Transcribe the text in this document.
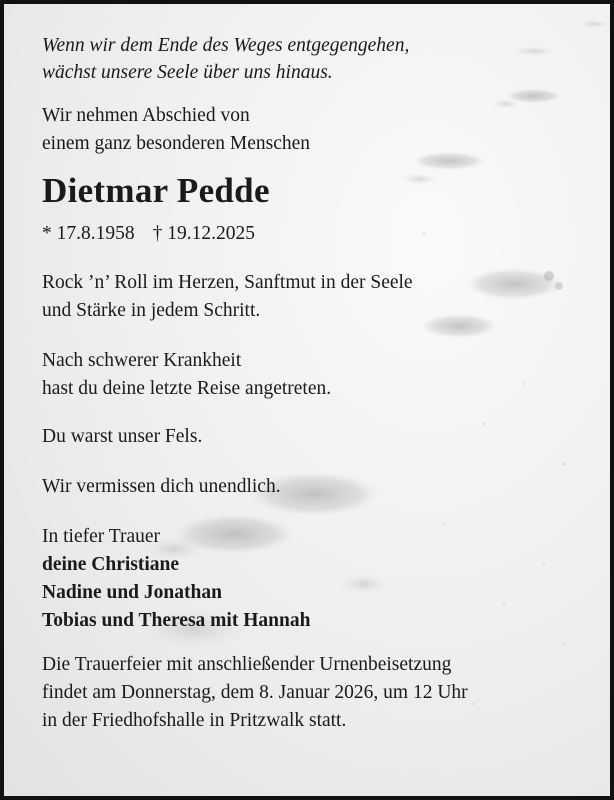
Wenn wir dem Ende des Weges entgegengehen,
wächst unsere Seele über uns hinaus.

Wir nehmen Abschied von
einem ganz besonderen Menschen

Dietmar Pedde

* 17.8.1958 † 19.12.2025

Rock ’n’ Roll im Herzen, Sanftmut in der Seele
und Stärke in jedem Schritt.

Nach schwerer Krankheit
hast du deine letzte Reise angetreten.

Du warst unser Fels.

Wir vermissen dich unendlich.

In tiefer Trauer
deine Christiane
Nadine und Jonathan
Tobias und Theresa mit Hannah

Die Trauerfeier mit anschließender Urnenbeisetzung
findet am Donnerstag, dem 8. Januar 2026, um 12 Uhr
in der Friedhofshalle in Pritzwalk statt.
